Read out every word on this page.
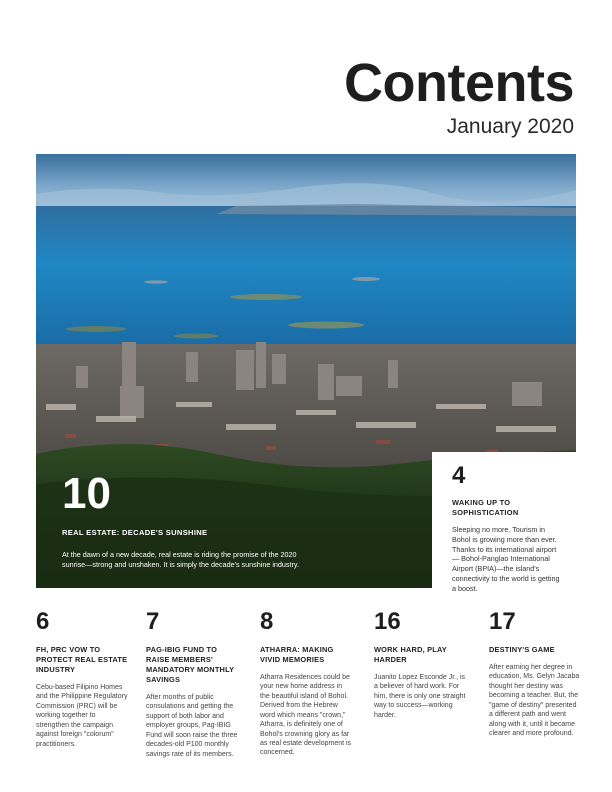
Contents
January 2020
10
REAL ESTATE: DECADE'S SUNSHINE
At the dawn of a new decade, real estate is riding the promise of the 2020 sunrise—strong and unshaken. It is simply the decade's sunshine industry.
4
WAKING UP TO SOPHISTICATION
Sleeping no more. Tourism in Bohol is growing more than ever. Thanks to its international airport — Bohol-Panglao International Airport (BPIA)—the island's connectivity to the world is getting a boost.
6
FH, PRC VOW TO PROTECT REAL ESTATE INDUSTRY
Cebu-based Filipino Homes and the Philippine Regulatory Commission (PRC) will be working together to strengthen the campaign against foreign "colorum" practitioners.
7
PAG-IBIG FUND TO RAISE MEMBERS' MANDATORY MONTHLY SAVINGS
After months of public consulations and getting the support of both labor and employer groups, Pag-IBIG Fund will soon raise the three decades-old P100 monthly savings rate of its members.
8
ATHARRA: MAKING VIVID MEMORIES
Atharra Residences could be your new home address in the beautiful island of Bohol. Derived from the Hebrew word which means "crown," Atharra, is definitely one of Bohol's crowning glory as far as real estate development is concerned.
16
WORK HARD, PLAY HARDER
Juanito Lopez Esconde Jr., is a believer of hard work. For him, there is only one straight way to success—working harder.
17
DESTINY'S GAME
After earning her degree in education, Ms. Gelyn Jacaba thought her destiny was becoming a teacher. But, the "game of destiny" presented a different path and went along with it, until it became clearer and more profound.
